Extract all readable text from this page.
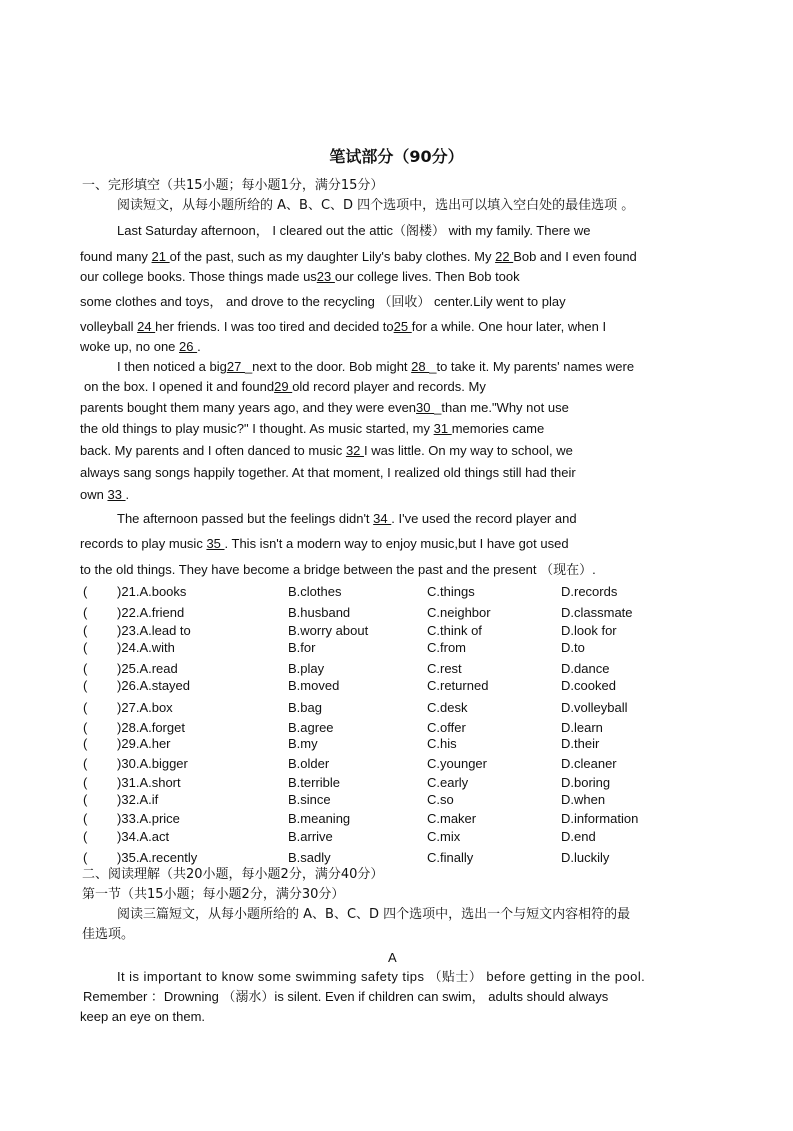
笔试部分（90分）
一、完形填空（共15小题；每小题1分，满分15分）
阅读短文，从每小题所给的 A、B、C、D 四个选项中，选出可以填入空白处的最佳选项 。
Last Saturday afternoon， I cleared out the attic（阁楼） with my family. There we
found many 21 of the past, such as my daughter Lily's baby clothes. My 22 Bob and I even found
our college books. Those things made us23 our college lives. Then Bob took
some clothes and toys， and drove to the recycling （回收） center.Lily went to play
volleyball 24 her friends. I was too tired and decided to25 for a while. One hour later, when I
woke up, no one 26 .
I then noticed a big27 _next to the door. Bob might 28 _to take it. My parents' names were
on the box. I opened it and found29 old record player and records. My
parents bought them many years ago, and they were even30 _than me."Why not use
the old things to play music?" I thought. As music started, my 31 memories came
back. My parents and I often danced to music 32 I was little. On my way to school, we
always sang songs happily together. At that moment, I realized old things still had their
own 33 .
The afternoon passed but the feelings didn't 34 . I've used the record player and
records to play music 35 . This isn't a modern way to enjoy music,but I have got used
to the old things. They have become a bridge between the past and the present （现在）.
( )21.A.books	B.clothes	C.things	D.records
( )22.A.friend	B.husband	C.neighbor	D.classmate
( )23.A.lead to	B.worry about	C.think of	D.look for
( )24.A.with	B.for	C.from	D.to
( )25.A.read	B.play	C.rest	D.dance
( )26.A.stayed	B.moved	C.returned	D.cooked
( )27.A.box	B.bag	C.desk	D.volleyball
( )28.A.forget	B.agree	C.offer	D.learn
( )29.A.her	B.my	C.his	D.their
( )30.A.bigger	B.older	C.younger	D.cleaner
( )31.A.short	B.terrible	C.early	D.boring
( )32.A.if	B.since	C.so	D.when
( )33.A.price	B.meaning	C.maker	D.information
( )34.A.act	B.arrive	C.mix	D.end
( )35.A.recently	B.sadly	C.finally	D.luckily
二、阅读理解（共20小题，每小题2分，满分40分）
第一节（共15小题；每小题2分，满分30分）
阅读三篇短文，从每小题所给的 A、B、C、D 四个选项中，选出一个与短文内容相符的最
佳选项。
A
It is important to know some swimming safety tips （贴士） before getting in the pool.
Remember ：Drowning （溺水）is silent. Even if children can swim， adults should always
keep an eye on them.
